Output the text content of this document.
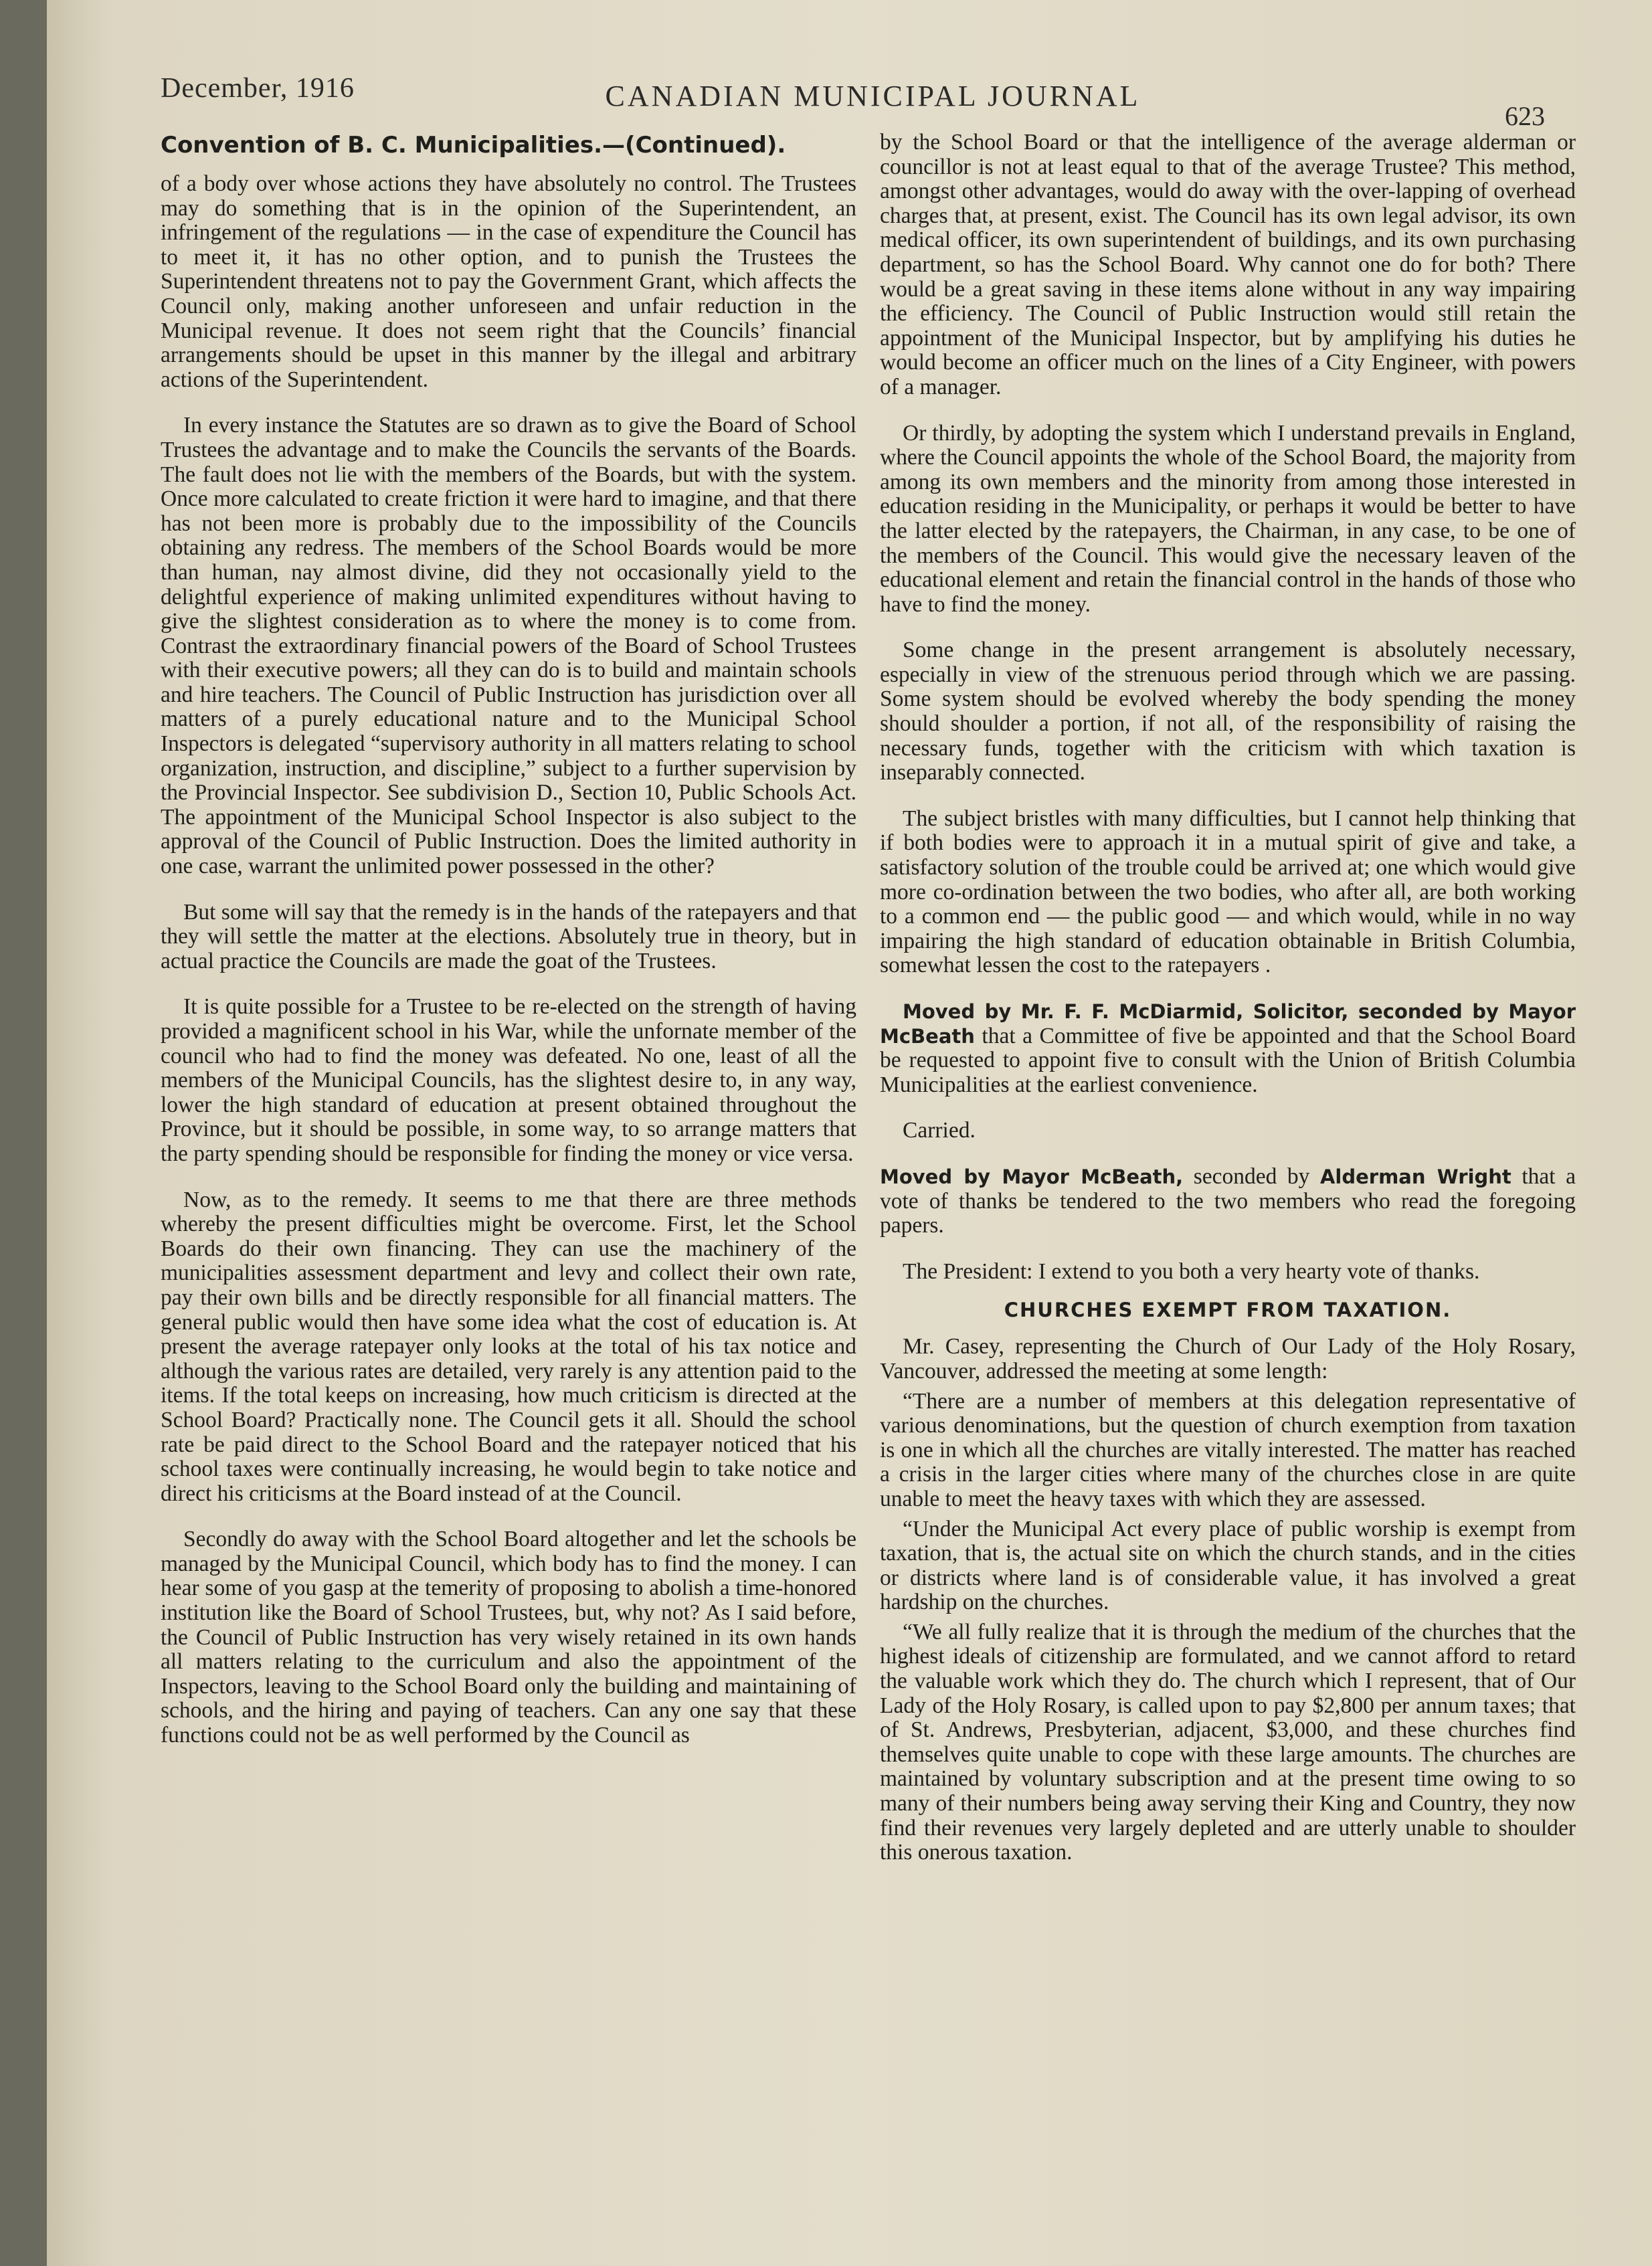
December, 1916	CANADIAN MUNICIPAL JOURNAL
623
Convention of B. C. Municipalities.—(Continued).

of a body over whose actions they have absolutely no control. The Trustees may do something that is in the opinion of the Superintendent, an infringement of the regulations — in the case of expenditure the Council has to meet it, it has no other option, and to punish the Trustees the Superintendent threatens not to pay the Government Grant, which affects the Council only, making another unforeseen and unfair reduction in the Municipal revenue. It does not seem right that the Councils’ financial arrangements should be upset in this manner by the illegal and arbitrary actions of the Superintendent.

In every instance the Statutes are so drawn as to give the Board of School Trustees the advantage and to make the Councils the servants of the Boards. The fault does not lie with the members of the Boards, but with the system. Once more calculated to create friction it were hard to imagine, and that there has not been more is probably due to the impossibility of the Councils obtaining any redress. The members of the School Boards would be more than human, nay almost divine, did they not occasionally yield to the delightful experience of making unlimited expenditures without having to give the slightest consideration as to where the money is to come from. Contrast the extraordinary financial powers of the Board of School Trustees with their executive powers; all they can do is to build and maintain schools and hire teachers. The Council of Public Instruction has jurisdiction over all matters of a purely educational nature and to the Municipal School Inspectors is delegated “supervisory authority in all matters relating to school organization, instruction, and discipline,” subject to a further supervision by the Provincial Inspector. See subdivision D., Section 10, Public Schools Act. The appointment of the Municipal School Inspector is also subject to the approval of the Council of Public Instruction. Does the limited authority in one case, warrant the unlimited power possessed in the other?

But some will say that the remedy is in the hands of the ratepayers and that they will settle the matter at the elections. Absolutely true in theory, but in actual practice the Councils are made the goat of the Trustees.

It is quite possible for a Trustee to be re-elected on the strength of having provided a magnificent school in his War, while the unfornate member of the council who had to find the money was defeated. No one, least of all the members of the Municipal Councils, has the slightest desire to, in any way, lower the high standard of education at present obtained throughout the Province, but it should be possible, in some way, to so arrange matters that the party spending should be responsible for finding the money or vice versa.

Now, as to the remedy. It seems to me that there are three methods whereby the present difficulties might be overcome. First, let the School Boards do their own financing. They can use the machinery of the municipalities assessment department and levy and collect their own rate, pay their own bills and be directly responsible for all financial matters. The general public would then have some idea what the cost of education is. At present the average ratepayer only looks at the total of his tax notice and although the various rates are detailed, very rarely is any attention paid to the items. If the total keeps on increasing, how much criticism is directed at the School Board? Practically none. The Council gets it all. Should the school rate be paid direct to the School Board and the ratepayer noticed that his school taxes were continually increasing, he would begin to take notice and direct his criticisms at the Board instead of at the Council.

Secondly do away with the School Board altogether and let the schools be managed by the Municipal Council, which body has to find the money. I can hear some of you gasp at the temerity of proposing to abolish a time-honored institution like the Board of School Trustees, but, why not? As I said before, the Council of Public Instruction has very wisely retained in its own hands all matters relating to the curriculum and also the appointment of the Inspectors, leaving to the School Board only the building and maintaining of schools, and the hiring and paying of teachers. Can any one say that these functions could not be as well performed by the Council as

by the School Board or that the intelligence of the average alderman or councillor is not at least equal to that of the average Trustee? This method, amongst other advantages, would do away with the over-lapping of overhead charges that, at present, exist. The Council has its own legal advisor, its own medical officer, its own superintendent of buildings, and its own purchasing department, so has the School Board. Why cannot one do for both? There would be a great saving in these items alone without in any way impairing the efficiency. The Council of Public Instruction would still retain the appointment of the Municipal Inspector, but by amplifying his duties he would become an officer much on the lines of a City Engineer, with powers of a manager.

Or thirdly, by adopting the system which I understand prevails in England, where the Council appoints the whole of the School Board, the majority from among its own members and the minority from among those interested in education residing in the Municipality, or perhaps it would be better to have the latter elected by the ratepayers, the Chairman, in any case, to be one of the members of the Council. This would give the necessary leaven of the educational element and retain the financial control in the hands of those who have to find the money.

Some change in the present arrangement is absolutely necessary, especially in view of the strenuous period through which we are passing. Some system should be evolved whereby the body spending the money should shoulder a portion, if not all, of the responsibility of raising the necessary funds, together with the criticism with which taxation is inseparably connected.

The subject bristles with many difficulties, but I cannot help thinking that if both bodies were to approach it in a mutual spirit of give and take, a satisfactory solution of the trouble could be arrived at; one which would give more co-ordination between the two bodies, who after all, are both working to a common end — the public good — and which would, while in no way impairing the high standard of education obtainable in British Columbia, somewhat lessen the cost to the ratepayers .

Moved by Mr. F. F. McDiarmid, Solicitor, seconded by Mayor McBeath that a Committee of five be appointed and that the School Board be requested to appoint five to consult with the Union of British Columbia Municipalities at the earliest convenience.

Carried.

Moved by Mayor McBeath, seconded by Alderman Wright that a vote of thanks be tendered to the two members who read the foregoing papers.

The President: I extend to you both a very hearty vote of thanks.

CHURCHES EXEMPT FROM TAXATION.

Mr. Casey, representing the Church of Our Lady of the Holy Rosary, Vancouver, addressed the meeting at some length:

“There are a number of members at this delegation representative of various denominations, but the question of church exemption from taxation is one in which all the churches are vitally interested. The matter has reached a crisis in the larger cities where many of the churches close in are quite unable to meet the heavy taxes with which they are assessed.

“Under the Municipal Act every place of public worship is exempt from taxation, that is, the actual site on which the church stands, and in the cities or districts where land is of considerable value, it has involved a great hardship on the churches.

“We all fully realize that it is through the medium of the churches that the highest ideals of citizenship are formulated, and we cannot afford to retard the valuable work which they do. The church which I represent, that of Our Lady of the Holy Rosary, is called upon to pay $2,800 per annum taxes; that of St. Andrews, Presbyterian, adjacent, $3,000, and these churches find themselves quite unable to cope with these large amounts. The churches are maintained by voluntary subscription and at the present time owing to so many of their numbers being away serving their King and Country, they now find their revenues very largely depleted and are utterly unable to shoulder this onerous taxation.
